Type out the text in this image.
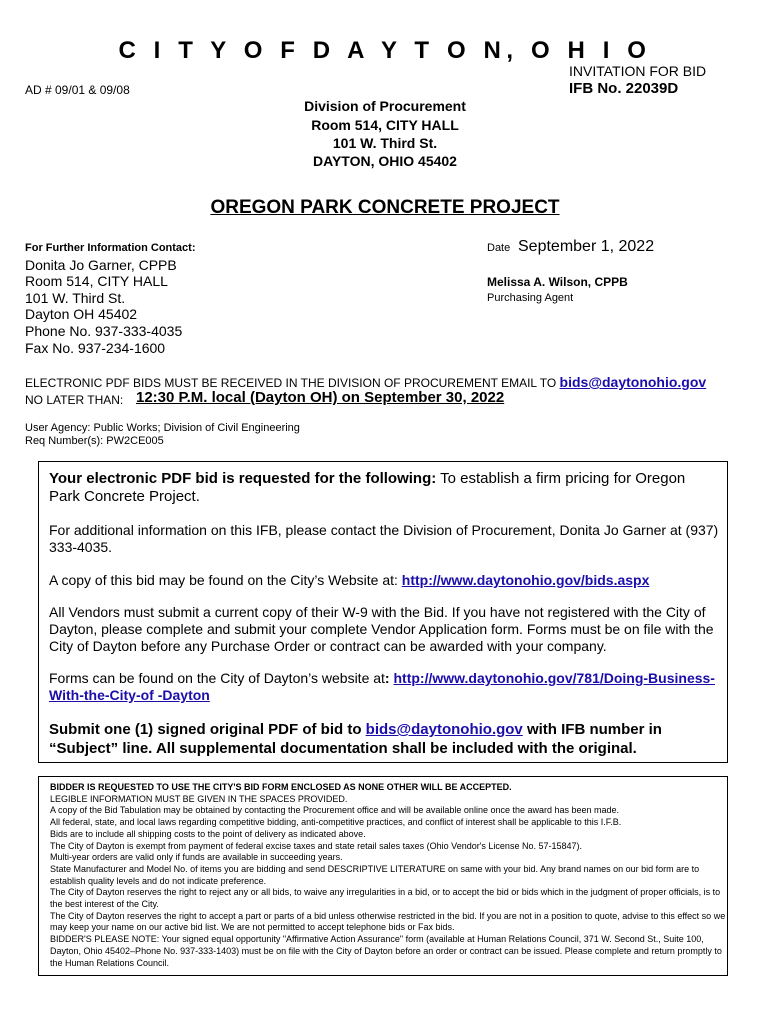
C I T Y O F D A Y T O N, O H I O
INVITATION FOR BID
IFB No. 22039D
AD # 09/01 & 09/08
Division of Procurement
Room 514, CITY HALL
101 W. Third St.
DAYTON, OHIO 45402
OREGON PARK CONCRETE PROJECT
For Further Information Contact:
Donita Jo Garner, CPPB
Room 514, CITY HALL
101 W. Third St.
Dayton OH 45402
Phone No. 937-333-4035
Fax No. 937-234-1600
Date September 1, 2022
Melissa A. Wilson, CPPB
Purchasing Agent
ELECTRONIC PDF BIDS MUST BE RECEIVED IN THE DIVISION OF PROCUREMENT EMAIL TO bids@daytonohio.gov
NO LATER THAN: 12:30 P.M. local (Dayton OH) on September 30, 2022
User Agency: Public Works; Division of Civil Engineering
Req Number(s): PW2CE005
Your electronic PDF bid is requested for the following: To establish a firm pricing for Oregon
Park Concrete Project.
For additional information on this IFB, please contact the Division of Procurement, Donita Jo Garner at (937)
333-4035.
A copy of this bid may be found on the City’s Website at: http://www.daytonohio.gov/bids.aspx
All Vendors must submit a current copy of their W-9 with the Bid. If you have not registered with the City of
Dayton, please complete and submit your complete Vendor Application form. Forms must be on file with the
City of Dayton before any Purchase Order or contract can be awarded with your company.
Forms can be found on the City of Dayton’s website at: http://www.daytonohio.gov/781/Doing-Business-
With-the-City-of -Dayton
Submit one (1) signed original PDF of bid to bids@daytonohio.gov with IFB number in
“Subject” line. All supplemental documentation shall be included with the original.
BIDDER IS REQUESTED TO USE THE CITY'S BID FORM ENCLOSED AS NONE OTHER WILL BE ACCEPTED.
LEGIBLE INFORMATION MUST BE GIVEN IN THE SPACES PROVIDED.
A copy of the Bid Tabulation may be obtained by contacting the Procurement office and will be available online once the award has been made.
All federal, state, and local laws regarding competitive bidding, anti-competitive practices, and conflict of interest shall be applicable to this I.F.B.
Bids are to include all shipping costs to the point of delivery as indicated above.
The City of Dayton is exempt from payment of federal excise taxes and state retail sales taxes (Ohio Vendor's License No. 57-15847).
Multi-year orders are valid only if funds are available in succeeding years.
State Manufacturer and Model No. of items you are bidding and send DESCRIPTIVE LITERATURE on same with your bid. Any brand names on our bid form are to establish quality levels and do not indicate preference.
The City of Dayton reserves the right to reject any or all bids, to waive any irregularities in a bid, or to accept the bid or bids which in the judgment of proper officials, is to the best interest of the City.
The City of Dayton reserves the right to accept a part or parts of a bid unless otherwise restricted in the bid. If you are not in a position to quote, advise to this effect so we may keep your name on our active bid list. We are not permitted to accept telephone bids or Fax bids.
BIDDER'S PLEASE NOTE: Your signed equal opportunity "Affirmative Action Assurance" form (available at Human Relations Council, 371 W. Second St., Suite 100, Dayton, Ohio 45402–Phone No. 937-333-1403) must be on file with the City of Dayton before an order or contract can be issued. Please complete and return promptly to the Human Relations Council.
